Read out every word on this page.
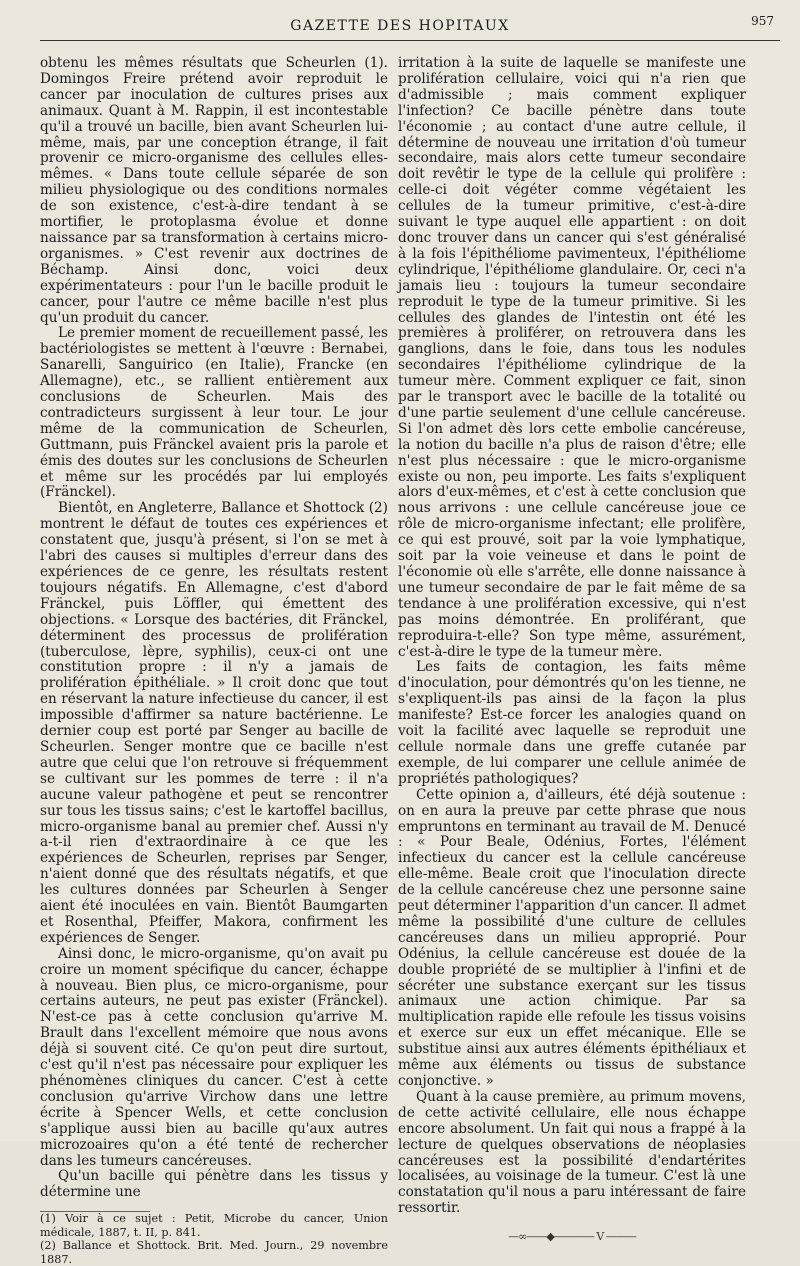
GAZETTE DES HOPITAUX	957

obtenu les mêmes résultats que Scheurlen (1). Domingos Freire prétend avoir reproduit le cancer par inoculation de cultures prises aux animaux. Quant à M. Rappin, il est incontestable qu'il a trouvé un bacille, bien avant Scheurlen lui-même, mais, par une conception étrange, il fait provenir ce micro-organisme des cellules elles-mêmes. « Dans toute cellule séparée de son milieu physiologique ou des conditions normales de son existence, c'est-à-dire tendant à se mortifier, le protoplasma évolue et donne naissance par sa transformation à certains micro-organismes. » C'est revenir aux doctrines de Béchamp. Ainsi donc, voici deux expérimentateurs : pour l'un le bacille produit le cancer, pour l'autre ce même bacille n'est plus qu'un produit du cancer.

Le premier moment de recueillement passé, les bactériologistes se mettent à l'œuvre : Bernabei, Sanarelli, Sanguirico (en Italie), Francke (en Allemagne), etc., se rallient entièrement aux conclusions de Scheurlen. Mais des contradicteurs surgissent à leur tour. Le jour même de la communication de Scheurlen, Guttmann, puis Fränckel avaient pris la parole et émis des doutes sur les conclusions de Scheurlen et même sur les procédés par lui employés (Fränckel).

Bientôt, en Angleterre, Ballance et Shottock (2) montrent le défaut de toutes ces expériences et constatent que, jusqu'à présent, si l'on se met à l'abri des causes si multiples d'erreur dans des expériences de ce genre, les résultats restent toujours négatifs. En Allemagne, c'est d'abord Fränckel, puis Löffler, qui émettent des objections. « Lorsque des bactéries, dit Fränckel, déterminent des processus de prolifération (tuberculose, lèpre, syphilis), ceux-ci ont une constitution propre : il n'y a jamais de prolifération épithéliale. » Il croit donc que tout en réservant la nature infectieuse du cancer, il est impossible d'affirmer sa nature bactérienne. Le dernier coup est porté par Senger au bacille de Scheurlen. Senger montre que ce bacille n'est autre que celui que l'on retrouve si fréquemment se cultivant sur les pommes de terre : il n'a aucune valeur pathogène et peut se rencontrer sur tous les tissus sains; c'est le kartoffel bacillus, micro-organisme banal au premier chef. Aussi n'y a-t-il rien d'extraordinaire à ce que les expériences de Scheurlen, reprises par Senger, n'aient donné que des résultats négatifs, et que les cultures données par Scheurlen à Senger aient été inoculées en vain. Bientôt Baumgarten et Rosenthal, Pfeiffer, Makora, confirment les expériences de Senger.

Ainsi donc, le micro-organisme, qu'on avait pu croire un moment spécifique du cancer, échappe à nouveau. Bien plus, ce micro-organisme, pour certains auteurs, ne peut pas exister (Fränckel). N'est-ce pas à cette conclusion qu'arrive M. Brault dans l'excellent mémoire que nous avons déjà si souvent cité. Ce qu'on peut dire surtout, c'est qu'il n'est pas nécessaire pour expliquer les phénomènes cliniques du cancer. C'est à cette conclusion qu'arrive Virchow dans une lettre écrite à Spencer Wells, et cette conclusion s'applique aussi bien au bacille qu'aux autres microzoaires qu'on a été tenté de rechercher dans les tumeurs cancéreuses.

Qu'un bacille qui pénètre dans les tissus y détermine une

(1) Voir à ce sujet : Petit, Microbe du cancer, Union médicale, 1887, t. II, p. 841.

(2) Ballance et Shottock. Brit. Med. Journ., 29 novembre 1887.

irritation à la suite de laquelle se manifeste une prolifération cellulaire, voici qui n'a rien que d'admissible ; mais comment expliquer l'infection? Ce bacille pénètre dans toute l'économie ; au contact d'une autre cellule, il détermine de nouveau une irritation d'où tumeur secondaire, mais alors cette tumeur secondaire doit revêtir le type de la cellule qui prolifère : celle-ci doit végéter comme végétaient les cellules de la tumeur primitive, c'est-à-dire suivant le type auquel elle appartient : on doit donc trouver dans un cancer qui s'est généralisé à la fois l'épithéliome pavimenteux, l'épithéliome cylindrique, l'épithéliome glandulaire. Or, ceci n'a jamais lieu : toujours la tumeur secondaire reproduit le type de la tumeur primitive. Si les cellules des glandes de l'intestin ont été les premières à proliférer, on retrouvera dans les ganglions, dans le foie, dans tous les nodules secondaires l'épithéliome cylindrique de la tumeur mère. Comment expliquer ce fait, sinon par le transport avec le bacille de la totalité ou d'une partie seulement d'une cellule cancéreuse. Si l'on admet dès lors cette embolie cancéreuse, la notion du bacille n'a plus de raison d'être; elle n'est plus nécessaire : que le micro-organisme existe ou non, peu importe. Les faits s'expliquent alors d'eux-mêmes, et c'est à cette conclusion que nous arrivons : une cellule cancéreuse joue ce rôle de micro-organisme infectant; elle prolifère, ce qui est prouvé, soit par la voie lymphatique, soit par la voie veineuse et dans le point de l'économie où elle s'arrête, elle donne naissance à une tumeur secondaire de par le fait même de sa tendance à une prolifération excessive, qui n'est pas moins démontrée. En proliférant, que reproduira-t-elle? Son type même, assurément, c'est-à-dire le type de la tumeur mère.

Les faits de contagion, les faits même d'inoculation, pour démontrés qu'on les tienne, ne s'expliquent-ils pas ainsi de la façon la plus manifeste? Est-ce forcer les analogies quand on voit la facilité avec laquelle se reproduit une cellule normale dans une greffe cutanée par exemple, de lui comparer une cellule animée de propriétés pathologiques?

Cette opinion a, d'ailleurs, été déjà soutenue : on en aura la preuve par cette phrase que nous empruntons en terminant au travail de M. Denucé : « Pour Beale, Odénius, Fortes, l'élément infectieux du cancer est la cellule cancéreuse elle-même. Beale croit que l'inoculation directe de la cellule cancéreuse chez une personne saine peut déterminer l'apparition d'un cancer. Il admet même la possibilité d'une culture de cellules cancéreuses dans un milieu approprié. Pour Odénius, la cellule cancéreuse est douée de la double propriété de se multiplier à l'infini et de sécréter une substance exerçant sur les tissus animaux une action chimique. Par sa multiplication rapide elle refoule les tissus voisins et exerce sur eux un effet mécanique. Elle se substitue ainsi aux autres éléments épithéliaux et même aux éléments ou tissus de substance conjonctive. »

Quant à la cause première, au primum movens, de cette activité cellulaire, elle nous échappe encore absolument. Un fait qui nous a frappé à la lecture de quelques observations de néoplasies cancéreuses est la possibilité d'endartérites localisées, au voisinage de la tumeur. C'est là une constatation qu'il nous a paru intéressant de faire ressortir.

—∞——◆———— V ———
